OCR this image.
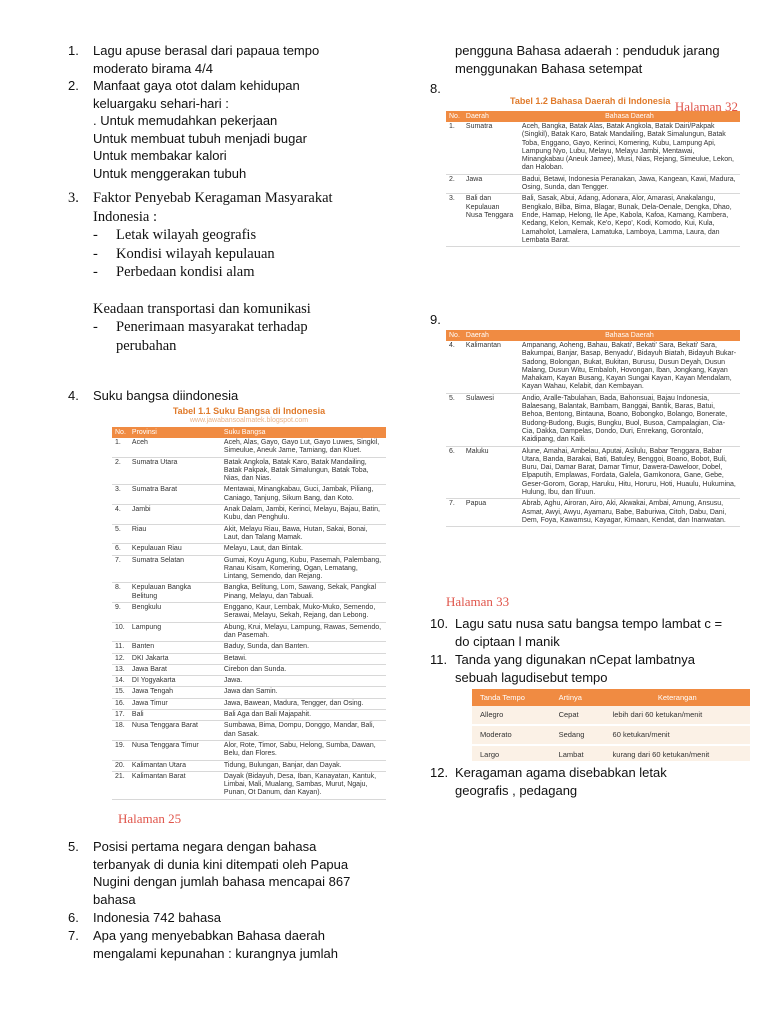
1. Lagu apuse berasal dari papaua tempo
moderato birama 4/4
2. Manfaat gaya otot dalam kehidupan
keluargaku sehari-hari :
. Untuk memudahkan pekerjaan
Untuk membuat tubuh menjadi bugar
Untuk membakar kalori
Untuk menggerakan tubuh
3. Faktor Penyebab Keragaman Masyarakat
Indonesia :
- Letak wilayah geografis
- Kondisi wilayah kepulauan
- Perbedaan kondisi alam
Keadaan transportasi dan komunikasi
- Penerimaan masyarakat terhadap
perubahan
4. Suku bangsa diindonesia
Tabel 1.1 Suku Bangsa di Indonesia
www.jawabansoalmatek.blogspot.com
No.	Provinsi	Suku Bangsa
1.	Aceh	Aceh, Alas, Gayo, Gayo Lut, Gayo Luwes, Singkil, Simeulue, Aneuk Jame, Tamiang, dan Kluet.
2.	Sumatra Utara	Batak Angkola, Batak Karo, Batak Mandailing, Batak Pakpak, Batak Simalungun, Batak Toba, Nias, dan Nias.
3.	Sumatra Barat	Mentawai, Minangkabau, Guci, Jambak, Piliang, Caniago, Tanjung, Sikum Bang, dan Koto.
4.	Jambi	Anak Dalam, Jambi, Kerinci, Melayu, Bajau, Batin, Kubu, dan Penghulu.
5.	Riau	Akit, Melayu Riau, Bawa, Hutan, Sakai, Bonai, Laut, dan Talang Mamak.
6.	Kepulauan Riau	Melayu, Laut, dan Bintak.
7.	Sumatra Selatan	Gumai, Koyu Agung, Kubu, Pasemah, Palembang, Ranau Kisam, Komering, Ogan, Lematang, Lintang, Semendo, dan Rejang.
8.	Kepulauan Bangka Belitung	Bangka, Belitung, Lom, Sawang, Sekak, Pangkal Pinang, Melayu, dan Tabuali.
9.	Bengkulu	Enggano, Kaur, Lembak, Muko-Muko, Semendo, Serawai, Melayu, Sekah, Rejang, dan Lebong.
10.	Lampung	Abung, Krui, Melayu, Lampung, Rawas, Semendo, dan Pasemah.
11.	Banten	Baduy, Sunda, dan Banten.
12.	DKI Jakarta	Betawi.
13.	Jawa Barat	Cirebon dan Sunda.
14.	DI Yogyakarta	Jawa.
15.	Jawa Tengah	Jawa dan Samin.
16.	Jawa Timur	Jawa, Bawean, Madura, Tengger, dan Osing.
17.	Bali	Bali Aga dan Bali Majapahit.
18.	Nusa Tenggara Barat	Sumbawa, Bima, Dompu, Donggo, Mandar, Bali, dan Sasak.
19.	Nusa Tenggara Timur	Alor, Rote, Timor, Sabu, Helong, Sumba, Dawan, Belu, dan Flores.
20.	Kalimantan Utara	Tidung, Bulungan, Banjar, dan Dayak.
21.	Kalimantan Barat	Dayak (Bidayuh, Desa, Iban, Kanayatan, Kantuk, Limbai, Mali, Mualang, Sambas, Murut, Ngaju, Punan, Ot Danum, dan Kayan).
Halaman 25
5. Posisi pertama negara dengan bahasa
terbanyak di dunia kini ditempati oleh Papua
Nugini dengan jumlah bahasa mencapai 867
bahasa
6. Indonesia 742 bahasa
7. Apa yang menyebabkan Bahasa daerah
mengalami kepunahan : kurangnya jumlah
pengguna Bahasa adaerah : penduduk jarang
menggunakan Bahasa setempat
8.
Tabel 1.2 Bahasa Daerah di Indonesia Halaman 32
No.	Daerah	Bahasa Daerah
1.	Sumatra	Aceh, Bangka, Batak Alas, Batak Angkola, Batak Dairi/Pakpak (Singkil), Batak Karo, Batak Mandailing, Batak Simalungun, Batak Toba, Enggano, Gayo, Kerinci, Komering, Kubu, Lampung Api, Lampung Nyo, Lubu, Melayu, Melayu Jambi, Mentawai, Minangkabau (Aneuk Jamee), Musi, Nias, Rejang, Simeulue, Lekon, dan Haloban.
2.	Jawa	Badui, Betawi, Indonesia Peranakan, Jawa, Kangean, Kawi, Madura, Osing, Sunda, dan Tengger.
3.	Bali dan Kepulauan Nusa Tenggara	Bali, Sasak, Abui, Adang, Adonara, Alor, Amarasi, Anakalangu, Bengkalo, Bilba, Bima, Blagar, Bunak, Dela-Oenale, Dengka, Dhao, Ende, Hamap, Helong, Ile Ape, Kabola, Kafoa, Kamang, Kambera, Kedang, Kelon, Kemak, Ke'o, Kepo', Kodi, Komodo, Kui, Kula, Lamaholot, Lamalera, Lamatuka, Lamboya, Lamma, Laura, dan Lembata Barat.
9.
No.	Daerah	Bahasa Daerah
4.	Kalimantan	Ampanang, Aoheng, Bahau, Bakati', Bekati' Sara, Bekati' Sara, Bakumpai, Banjar, Basap, Benyadu', Bidayuh Biatah, Bidayuh Bukar-Sadong, Bolongan, Bukat, Bukitan, Burusu, Dusun Deyah, Dusun Malang, Dusun Witu, Embaloh, Hovongan, Iban, Jongkang, Kayan Mahakam, Kayan Busang, Kayan Sungai Kayan, Kayan Mendalam, Kayan Wahau, Kelabit, dan Kembayan.
5.	Sulawesi	Andio, Aralle-Tabulahan, Bada, Bahonsuai, Bajau Indonesia, Balaesang, Balantak, Bambam, Banggai, Bantik, Baras, Batui, Behoa, Bentong, Bintauna, Boano, Bobongko, Bolango, Bonerate, Budong-Budong, Bugis, Bungku, Buol, Busoa, Campalagian, Cia-Cia, Dakka, Dampelas, Dondo, Duri, Enrekang, Gorontalo, Kaidipang, dan Kaili.
6.	Maluku	Alune, Amahai, Ambelau, Aputai, Asilulu, Babar Tenggara, Babar Utara, Banda, Barakai, Bati, Batuley, Benggoi, Boano, Bobot, Buli, Buru, Dai, Damar Barat, Damar Timur, Dawera-Daweloor, Dobel, Elpaputih, Emplawas, Fordata, Galela, Gamkonora, Gane, Gebe, Geser-Gorom, Gorap, Haruku, Hitu, Horuru, Hoti, Huaulu, Hukumina, Hulung, Ibu, dan Ili'uun.
7.	Papua	Abrab, Aghu, Airoran, Airo, Aki, Akwakai, Ambai, Amung, Ansusu, Asmat, Awyi, Awyu, Ayamaru, Babe, Baburiwa, Citoh, Dabu, Dani, Dem, Foya, Kawamsu, Kayagar, Kimaan, Kendat, dan Inanwatan.
Halaman 33
10. Lagu satu nusa satu bangsa tempo lambat c =
do ciptaan l manik
11. Tanda yang digunakan nCepat lambatnya
sebuah lagudisebut tempo
Tanda Tempo	Artinya	Keterangan
Allegro	Cepat	lebih dari 60 ketukan/menit
Moderato	Sedang	60 ketukan/menit
Largo	Lambat	kurang dari 60 ketukan/menit
12. Keragaman agama disebabkan letak
geografis , pedagang
